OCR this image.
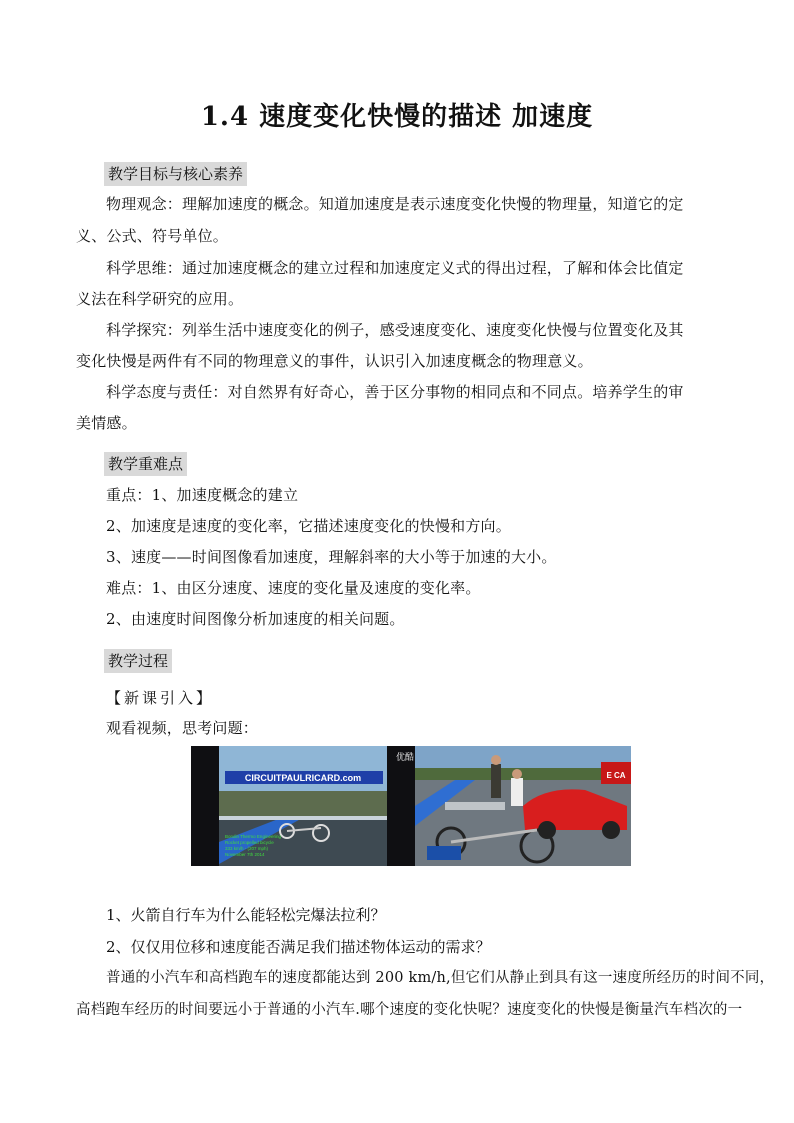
1.4 速度变化快慢的描述 加速度
教学目标与核心素养
物理观念：理解加速度的概念。知道加速度是表示速度变化快慢的物理量，知道它的定
义、公式、符号单位。
科学思维：通过加速度概念的建立过程和加速度定义式的得出过程，了解和体会比值定
义法在科学研究的应用。
科学探究：列举生活中速度变化的例子，感受速度变化、速度变化快慢与位置变化及其
变化快慢是两件有不同的物理意义的事件，认识引入加速度概念的物理意义。
科学态度与责任：对自然界有好奇心，善于区分事物的相同点和不同点。培养学生的审
美情感。
教学重难点
重点：1、加速度概念的建立
2、加速度是速度的变化率，它描述速度变化的快慢和方向。
3、速度——时间图像看加速度，理解斜率的大小等于加速的大小。
难点：1、由区分速度、速度的变化量及速度的变化率。
2、由速度时间图像分析加速度的相关问题。
教学过程
【新课引入】
观看视频，思考问题：
CIRCUITPAULRICARD.com
优酷
Bondin Thermo Engineering
Rocket propelled bicycle
333 km/h - (207 mph)
November 7th 2014
E CA
1、火箭自行车为什么能轻松完爆法拉利？
2、仅仅用位移和速度能否满足我们描述物体运动的需求？
普通的小汽车和高档跑车的速度都能达到 200 km/h,但它们从静止到具有这一速度所经历的时间不同，
高档跑车经历的时间要远小于普通的小汽车.哪个速度的变化快呢？速度变化的快慢是衡量汽车档次的一
